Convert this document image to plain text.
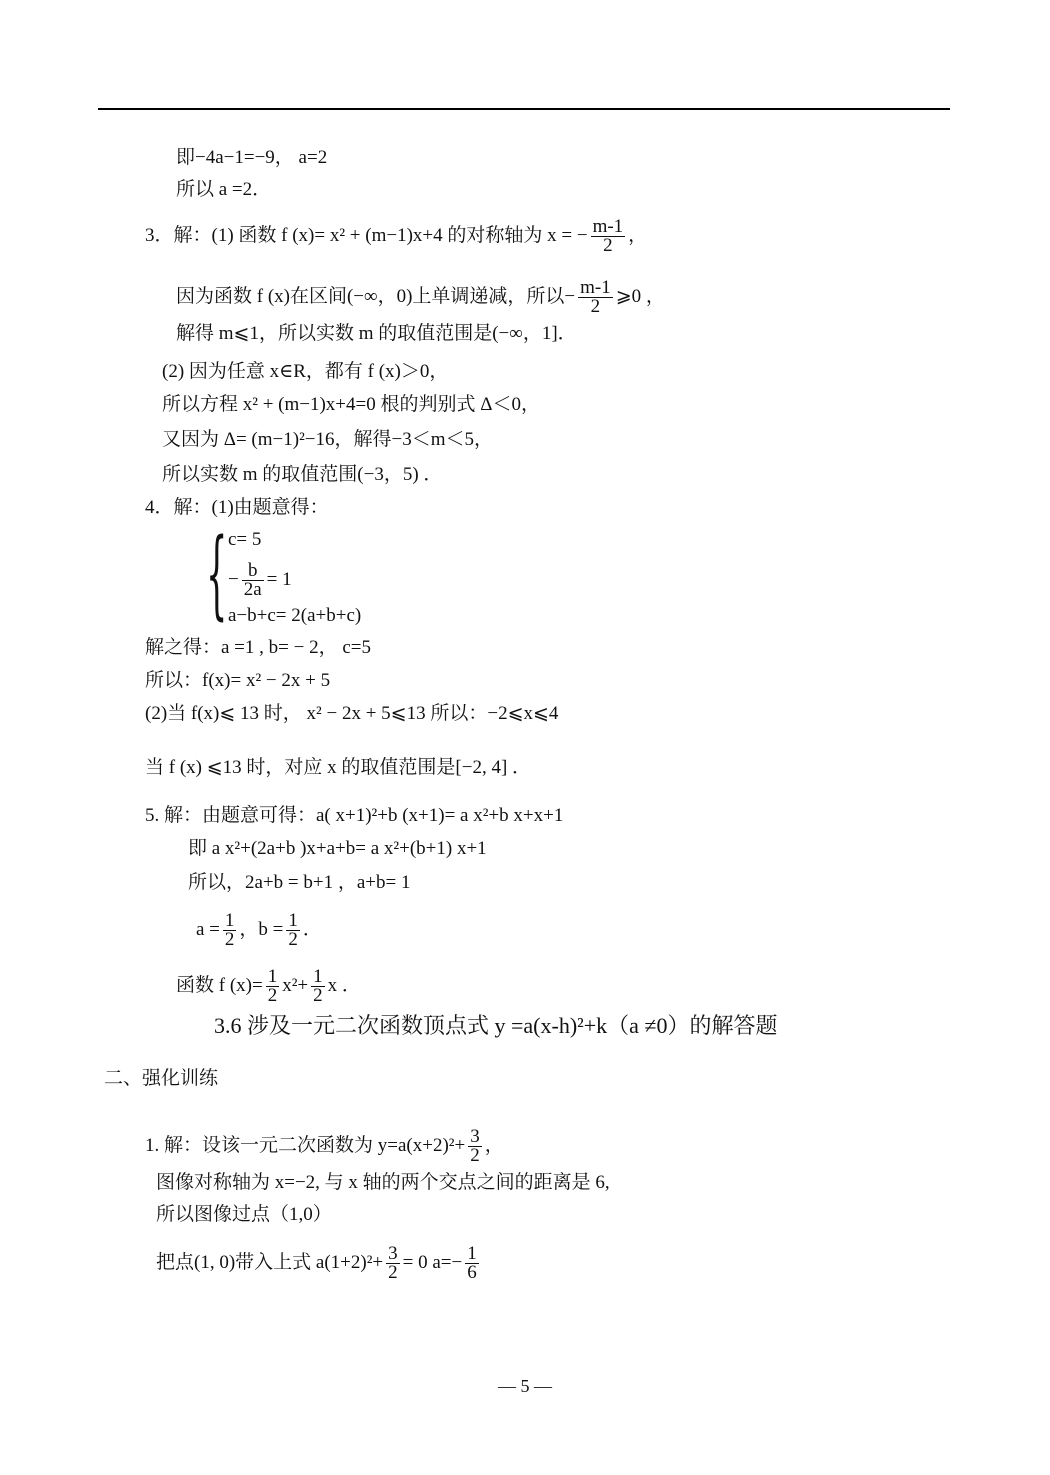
即−4a−1=−9， a=2
所以 a =2．
3．解：(1) 函数 f (x)= x² + (m−1)x+4 的对称轴为 x = − $\frac{m-1}{2}$ ，
因为函数 f (x)在区间(−∞，0)上单调递减，所以− $\frac{m-1}{2}$ ⩾0 ，
解得 m⩽1，所以实数 m 的取值范围是(−∞，1]．
(2) 因为任意 x∈R，都有 f (x)＞0，
所以方程 x² + (m−1)x+4=0 根的判别式 Δ＜0，
又因为 Δ= (m−1)²−16，解得−3＜m＜5，
所以实数 m 的取值范围(−3，5) ．
4．解：(1)由题意得：
{ c= 5
− $\frac{b}{2a} = 1$
a−b+c= 2(a+b+c)
解之得：a =1 , b= − 2， c=5
所以：f(x)= x² − 2x + 5
(2)当 f(x)⩽ 13 时， x² − 2x + 5⩽13 所以：−2⩽x⩽4
当 f (x) ⩽13 时，对应 x 的取值范围是[−2, 4] ．
5. 解：由题意可得：a( x+1)²+b (x+1)= a x²+b x+x+1
即 a x²+(2a+b )x+a+b= a x²+(b+1) x+1
所以，2a+b = b+1 ，a+b= 1
$a = \frac{1}{2}$ ，$b = \frac{1}{2}$ ．
函数 f $(x)= \frac{1}{2} x^2+ \frac{1}{2}$ x ．
3.6 涉及一元二次函数顶点式 y =a(x-h)²+k（a ≠0）的解答题
二、强化训练
1. 解：设该一元二次函数为 $y=a(x+2)^2+ \frac{3}{2}$ ，
图像对称轴为 x=−2, 与 x 轴的两个交点之间的距离是 6,
所以图像过点（1,0）
把点(1, 0)带入上式 $a(1+2)^2+ \frac{3}{2} = 0$ $a=- \frac{1}{6}$
— 5 —
